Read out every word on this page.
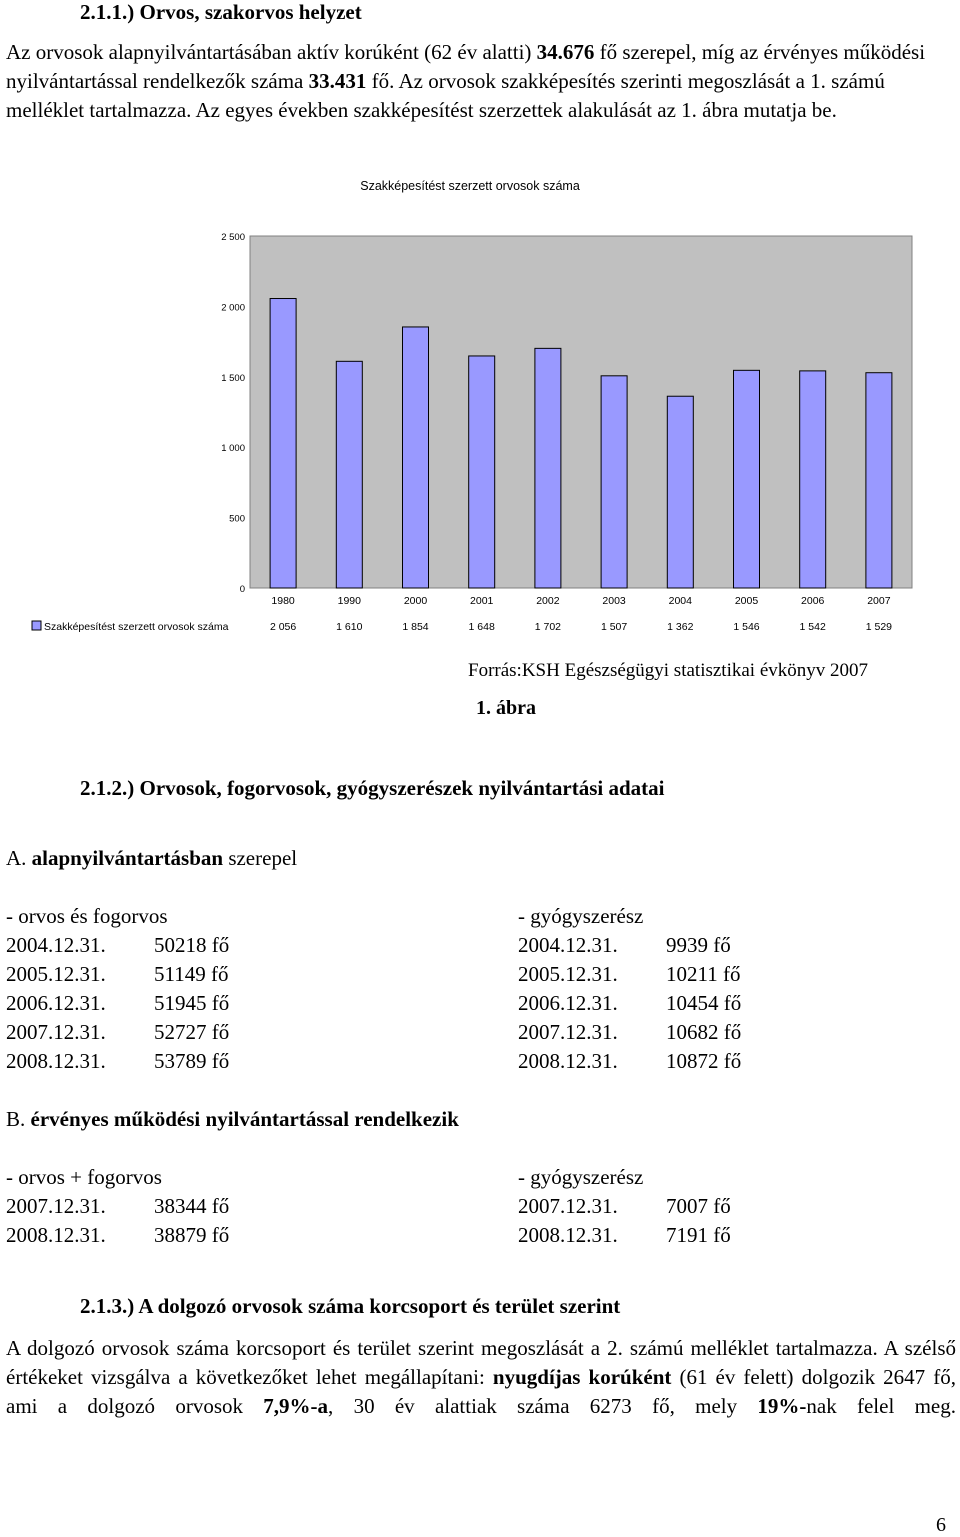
2.1.1.) Orvos, szakorvos helyzet
Az orvosok alapnyilvántartásában aktív korúként (62 év alatti) 34.676 fő szerepel, míg az érvényes működési nyilvántartással rendelkezők száma 33.431 fő. Az orvosok szakképesítés szerinti megoszlását a 1. számú melléklet tartalmazza. Az egyes években szakképesítést szerzettek alakulását az 1. ábra mutatja be.
Szakképesítést szerzett orvosok száma
0
500
1 000
1 500
2 000
2 500
1980	1990	2000	2001	2002	2003	2004	2005	2006	2007
2 056	1 610	1 854	1 648	1 702	1 507	1 362	1 546	1 542	1 529
Szakképesítést szerzett orvosok száma
Forrás:KSH Egészségügyi statisztikai évkönyv 2007
1. ábra
2.1.2.) Orvosok, fogorvosok, gyógyszerészek nyilvántartási adatai
A. alapnyilvántartásban szerepel
- orvos és fogorvos	- gyógyszerész
2004.12.31. 50218 fő	2004.12.31. 9939 fő
2005.12.31. 51149 fő	2005.12.31. 10211 fő
2006.12.31. 51945 fő	2006.12.31. 10454 fő
2007.12.31. 52727 fő	2007.12.31. 10682 fő
2008.12.31. 53789 fő	2008.12.31. 10872 fő
B. érvényes működési nyilvántartással rendelkezik
- orvos + fogorvos	- gyógyszerész
2007.12.31. 38344 fő	2007.12.31. 7007 fő
2008.12.31. 38879 fő	2008.12.31. 7191 fő
2.1.3.) A dolgozó orvosok száma korcsoport és terület szerint
A dolgozó orvosok száma korcsoport és terület szerint megoszlását a 2. számú melléklet tartalmazza. A szélső értékeket vizsgálva a következőket lehet megállapítani: nyugdíjas korúként (61 év felett) dolgozik 2647 fő, ami a dolgozó orvosok 7,9%-a, 30 év alattiak száma 6273 fő, mely 19%-nak felel meg.
6
